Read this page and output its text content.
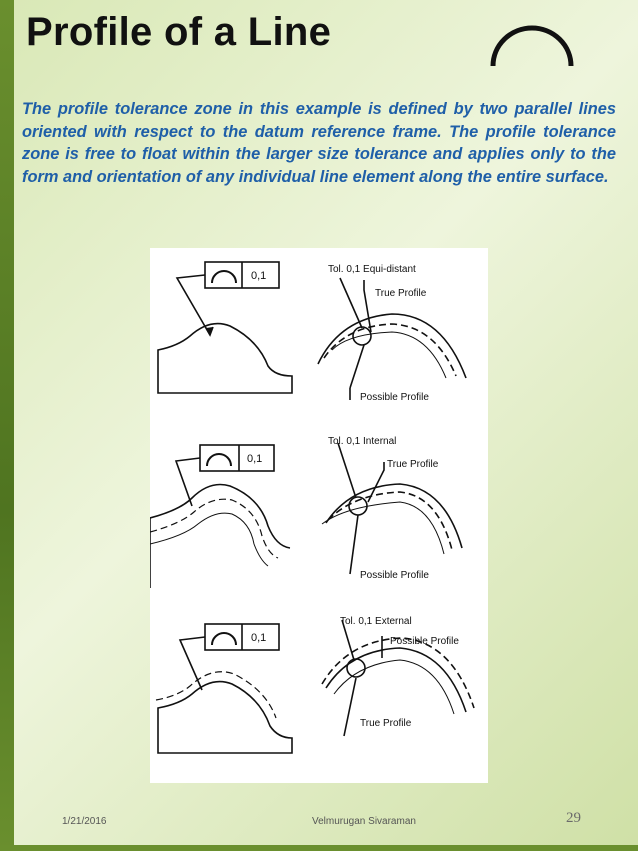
Profile of a Line
The profile tolerance zone in this example is defined by two parallel lines oriented with respect to the datum reference frame. The profile tolerance zone is free to float within the larger size tolerance and applies only to the form and orientation of any individual line element along the entire surface.
0,1
0,1
0,1
Tol. 0,1 Equi-distant
True Profile
Possible Profile
Tol. 0,1 Internal
True Profile
Possible Profile
Tol. 0,1 External
Possible Profile
True Profile
1/21/2016	Velmurugan Sivaraman	29
